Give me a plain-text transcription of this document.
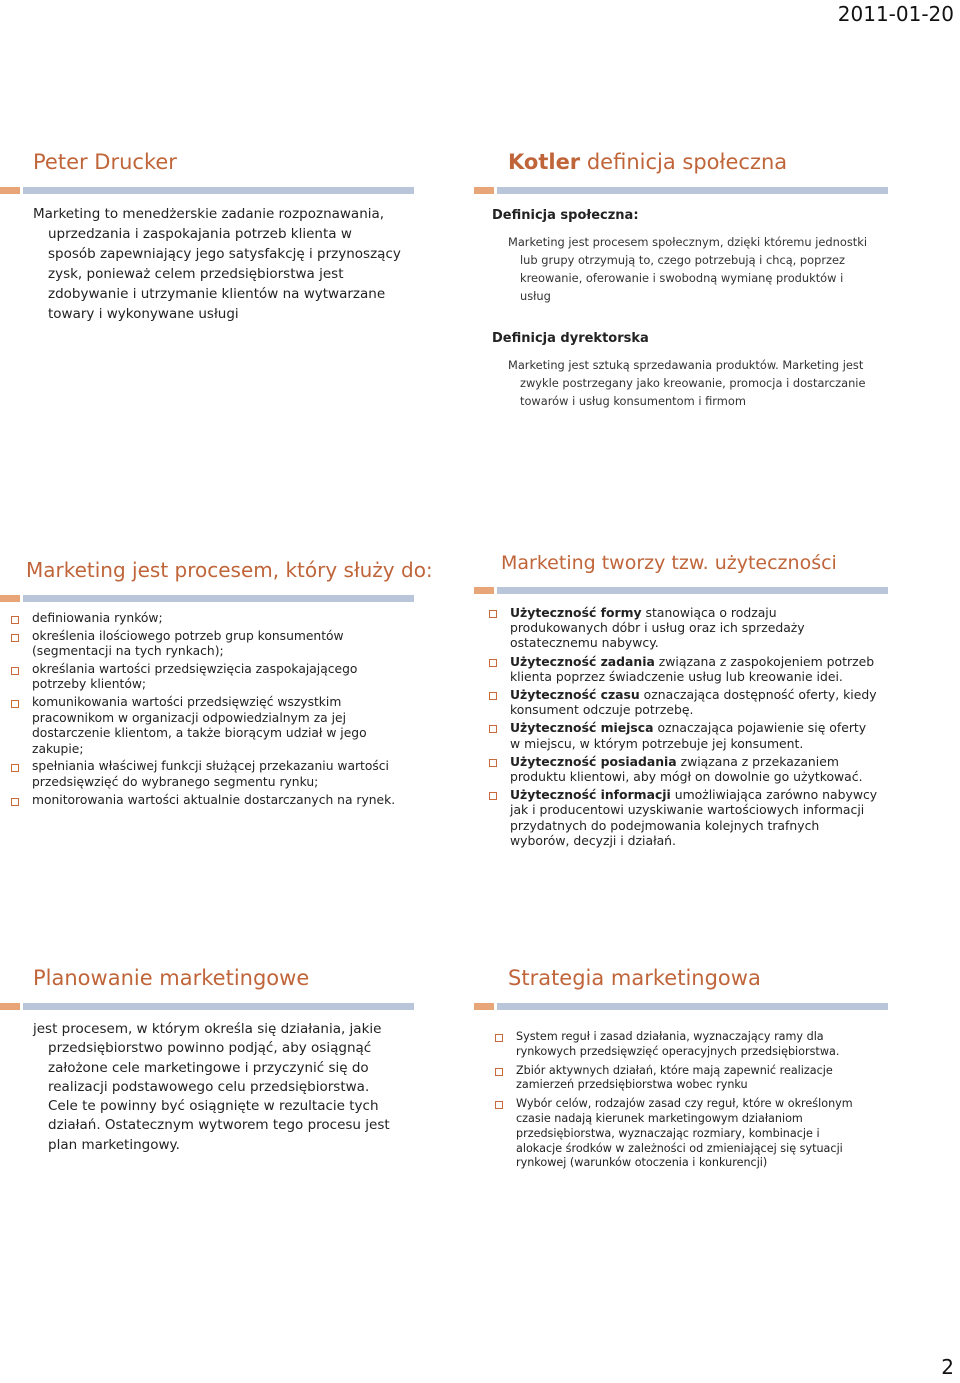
2011-01-20
Peter Drucker

Marketing to menedżerskie zadanie rozpoznawania, uprzedzania i zaspokajania potrzeb klienta w sposób zapewniający jego satysfakcję i przynoszący zysk, ponieważ celem przedsiębiorstwa jest zdobywanie i utrzymanie klientów na wytwarzane towary i wykonywane usługi

Kotler definicja społeczna
Definicja społeczna:

Marketing jest procesem społecznym, dzięki któremu jednostki lub grupy otrzymują to, czego potrzebują i chcą, poprzez kreowanie, oferowanie i swobodną wymianę produktów i usług

Definicja dyrektorska

Marketing jest sztuką sprzedawania produktów. Marketing jest zwykle postrzegany jako kreowanie, promocja i dostarczanie towarów i usług konsumentom i firmom

Marketing jest procesem, który służy do:
definiowania rynków;
określenia ilościowego potrzeb grup konsumentów (segmentacji na tych rynkach);
określania wartości przedsięwzięcia zaspokajającego potrzeby klientów;
komunikowania wartości przedsięwzięć wszystkim pracownikom w organizacji odpowiedzialnym za jej dostarczenie klientom, a także biorącym udział w jego zakupie;
spełniania właściwej funkcji służącej przekazaniu wartości przedsięwzięć do wybranego segmentu rynku;
monitorowania wartości aktualnie dostarczanych na rynek.
Marketing tworzy tzw. użyteczności
Użyteczność formy stanowiąca o rodzaju produkowanych dóbr i usług oraz ich sprzedaży ostatecznemu nabywcy.
Użyteczność zadania związana z zaspokojeniem potrzeb klienta poprzez świadczenie usług lub kreowanie idei.
Użyteczność czasu oznaczająca dostępność oferty, kiedy konsument odczuje potrzebę.
Użyteczność miejsca oznaczająca pojawienie się oferty w miejscu, w którym potrzebuje jej konsument.
Użyteczność posiadania związana z przekazaniem produktu klientowi, aby mógł on dowolnie go użytkować.
Użyteczność informacji umożliwiająca zarówno nabywcy jak i producentowi uzyskiwanie wartościowych informacji przydatnych do podejmowania kolejnych trafnych wyborów, decyzji i działań.
Planowanie marketingowe

jest procesem, w którym określa się działania, jakie przedsiębiorstwo powinno podjąć, aby osiągnąć założone cele marketingowe i przyczynić się do realizacji podstawowego celu przedsiębiorstwa. Cele te powinny być osiągnięte w rezultacie tych działań. Ostatecznym wytworem tego procesu jest plan marketingowy.

Strategia marketingowa
System reguł i zasad działania, wyznaczający ramy dla rynkowych przedsięwzięć operacyjnych przedsiębiorstwa.
Zbiór aktywnych działań, które mają zapewnić realizacje zamierzeń przedsiębiorstwa wobec rynku
Wybór celów, rodzajów zasad czy reguł, które w określonym czasie nadają kierunek marketingowym działaniom przedsiębiorstwa, wyznaczając rozmiary, kombinacje i alokacje środków w zależności od zmieniającej się sytuacji rynkowej (warunków otoczenia i konkurencji)
2
